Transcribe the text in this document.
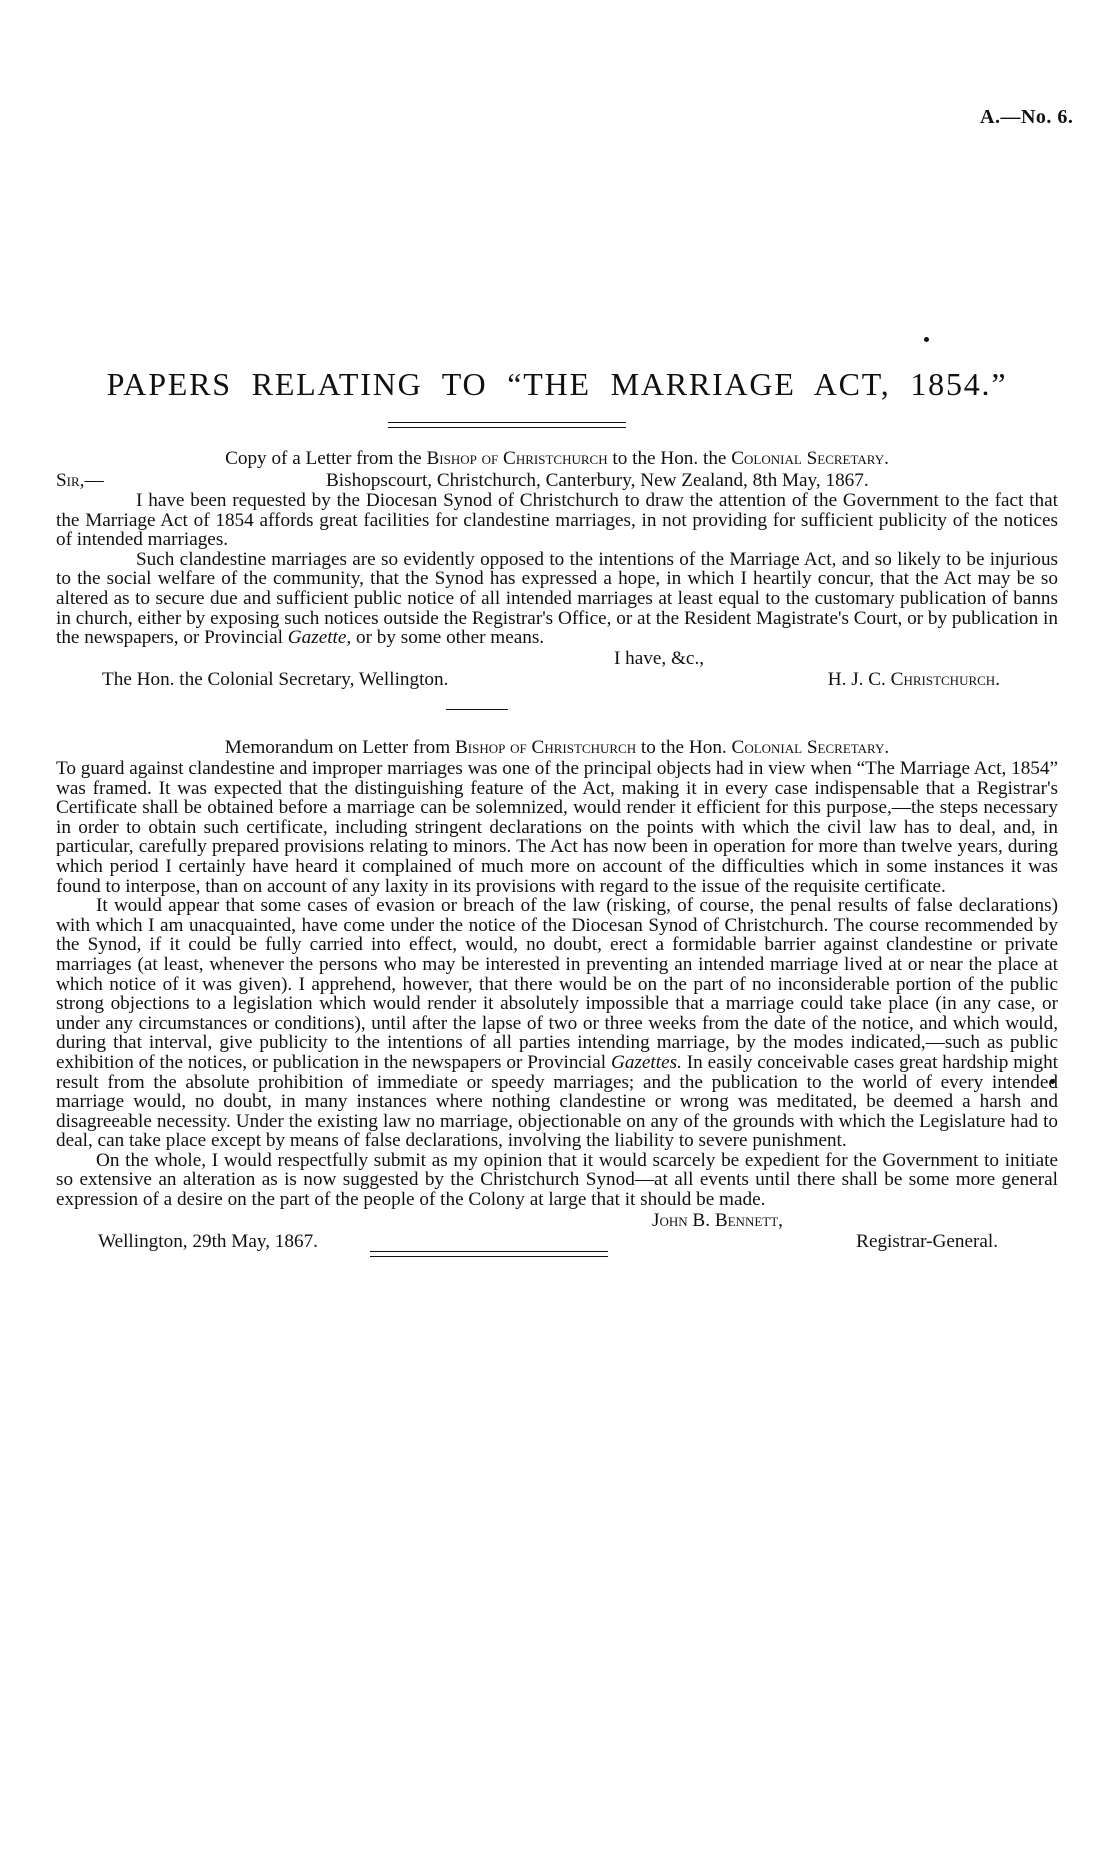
A.—No. 6.
PAPERS RELATING TO “THE MARRIAGE ACT, 1854.”

Copy of a Letter from the Bishop of Christchurch to the Hon. the Colonial Secretary.

Sir,—	Bishopscourt, Christchurch, Canterbury, New Zealand, 8th May, 1867.

I have been requested by the Diocesan Synod of Christchurch to draw the attention of the Government to the fact that the Marriage Act of 1854 affords great facilities for clandestine marriages, in not providing for sufficient publicity of the notices of intended marriages.

Such clandestine marriages are so evidently opposed to the intentions of the Marriage Act, and so likely to be injurious to the social welfare of the community, that the Synod has expressed a hope, in which I heartily concur, that the Act may be so altered as to secure due and sufficient public notice of all intended marriages at least equal to the customary publication of banns in church, either by exposing such notices outside the Registrar's Office, or at the Resident Magistrate's Court, or by publication in the newspapers, or Provincial Gazette, or by some other means.

I have, &c.,
The Hon. the Colonial Secretary, Wellington.	H. J. C. Christchurch.

Memorandum on Letter from Bishop of Christchurch to the Hon. Colonial Secretary.

To guard against clandestine and improper marriages was one of the principal objects had in view when “The Marriage Act, 1854” was framed. It was expected that the distinguishing feature of the Act, making it in every case indispensable that a Registrar's Certificate shall be obtained before a marriage can be solemnized, would render it efficient for this purpose,—the steps necessary in order to obtain such certificate, including stringent declarations on the points with which the civil law has to deal, and, in particular, carefully prepared provisions relating to minors. The Act has now been in operation for more than twelve years, during which period I certainly have heard it complained of much more on account of the difficulties which in some instances it was found to interpose, than on account of any laxity in its provisions with regard to the issue of the requisite certificate.

It would appear that some cases of evasion or breach of the law (risking, of course, the penal results of false declarations) with which I am unacquainted, have come under the notice of the Diocesan Synod of Christchurch. The course recommended by the Synod, if it could be fully carried into effect, would, no doubt, erect a formidable barrier against clandestine or private marriages (at least, whenever the persons who may be interested in preventing an intended marriage lived at or near the place at which notice of it was given). I apprehend, however, that there would be on the part of no inconsiderable portion of the public strong objections to a legislation which would render it absolutely impossible that a marriage could take place (in any case, or under any circumstances or conditions), until after the lapse of two or three weeks from the date of the notice, and which would, during that interval, give publicity to the intentions of all parties intending marriage, by the modes indicated,—such as public exhibition of the notices, or publication in the newspapers or Provincial Gazettes. In easily conceivable cases great hardship might result from the absolute prohibition of immediate or speedy marriages; and the publication to the world of every intended marriage would, no doubt, in many instances where nothing clandestine or wrong was meditated, be deemed a harsh and disagreeable necessity. Under the existing law no marriage, objectionable on any of the grounds with which the Legislature had to deal, can take place except by means of false declarations, involving the liability to severe punishment.

On the whole, I would respectfully submit as my opinion that it would scarcely be expedient for the Government to initiate so extensive an alteration as is now suggested by the Christchurch Synod—at all events until there shall be some more general expression of a desire on the part of the people of the Colony at large that it should be made.

John B. Bennett,
Wellington, 29th May, 1867.	Registrar-General.
